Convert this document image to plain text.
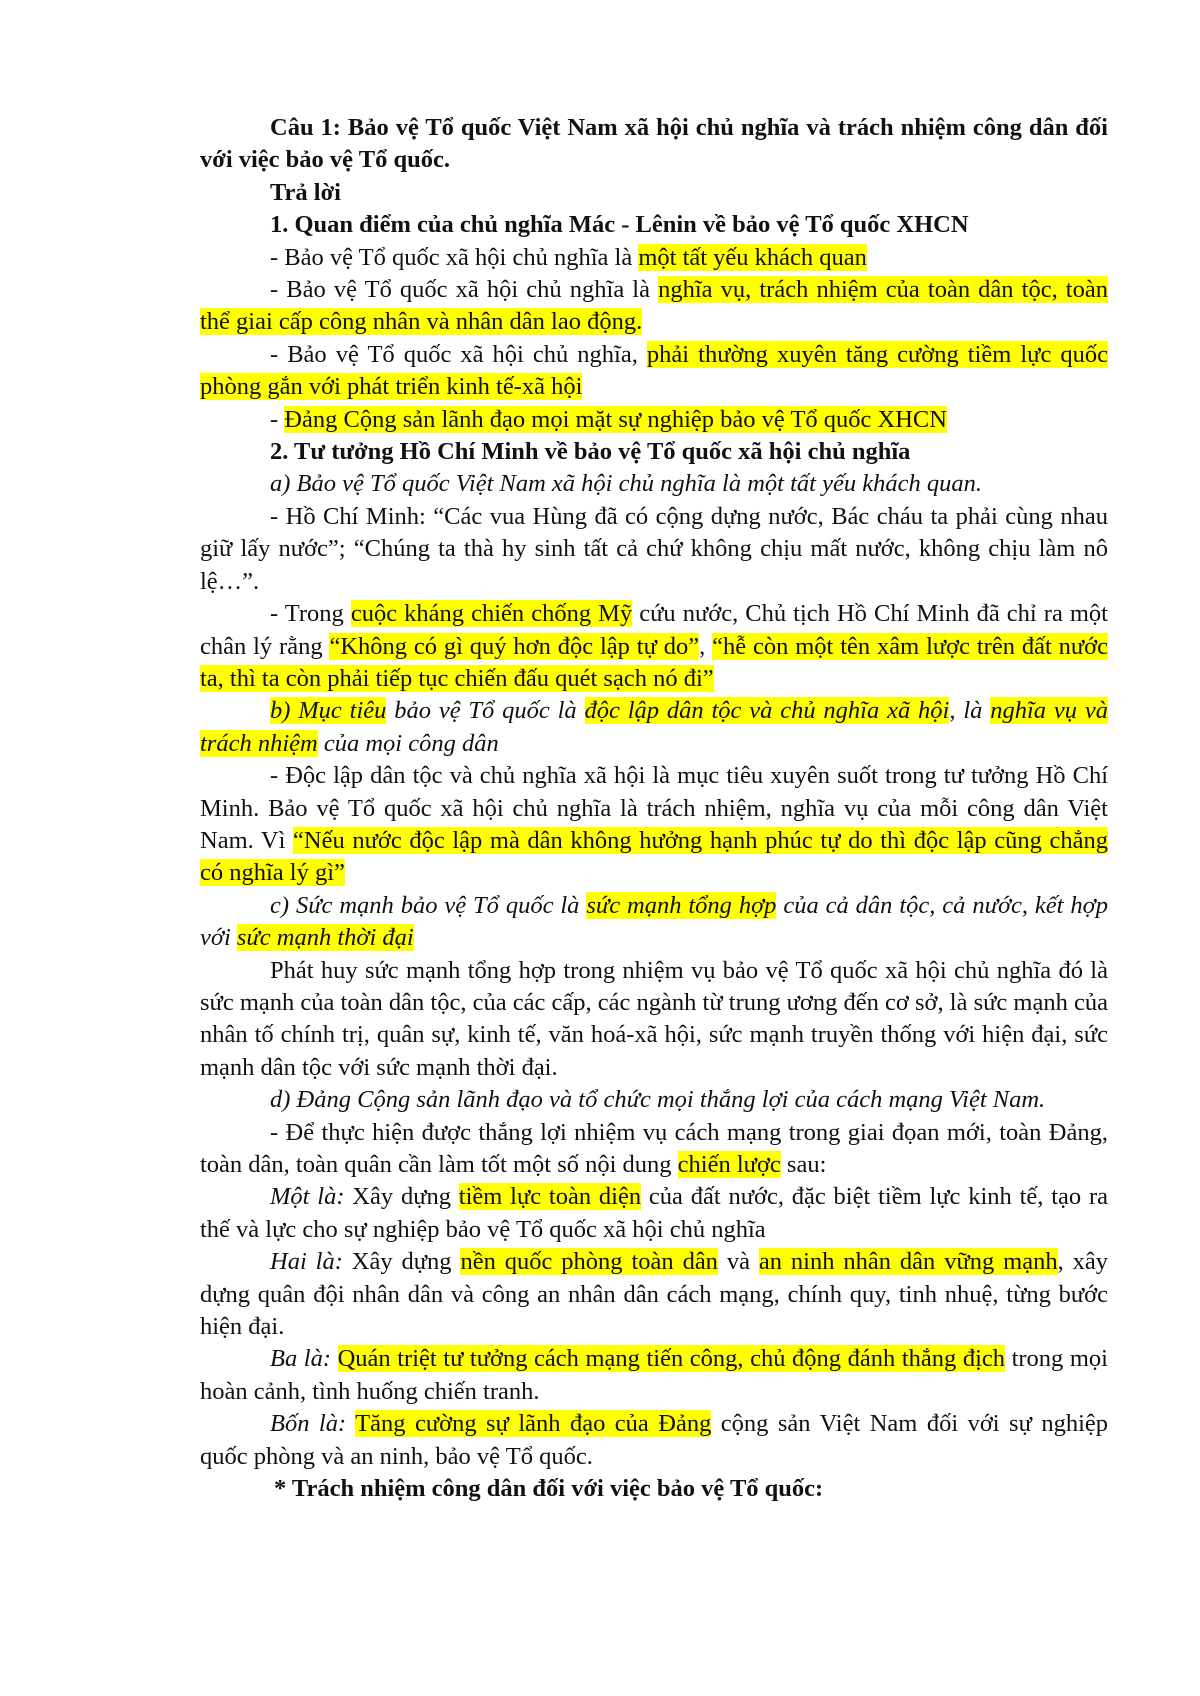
Câu 1: Bảo vệ Tổ quốc Việt Nam xã hội chủ nghĩa và trách nhiệm công dân đối với việc bảo vệ Tổ quốc.

Trả lời

1. Quan điểm của chủ nghĩa Mác - Lênin về bảo vệ Tổ quốc XHCN

- Bảo vệ Tổ quốc xã hội chủ nghĩa là một tất yếu khách quan

- Bảo vệ Tổ quốc xã hội chủ nghĩa là nghĩa vụ, trách nhiệm của toàn dân tộc, toàn thể giai cấp công nhân và nhân dân lao động.

- Bảo vệ Tổ quốc xã hội chủ nghĩa, phải thường xuyên tăng cường tiềm lực quốc phòng gắn với phát triển kinh tế-xã hội

- Đảng Cộng sản lãnh đạo mọi mặt sự nghiệp bảo vệ Tổ quốc XHCN

2. Tư tưởng Hồ Chí Minh về bảo vệ Tổ quốc xã hội chủ nghĩa

a) Bảo vệ Tổ quốc Việt Nam xã hội chủ nghĩa là một tất yếu khách quan.

- Hồ Chí Minh: “Các vua Hùng đã có cộng dựng nước, Bác cháu ta phải cùng nhau giữ lấy nước”; “Chúng ta thà hy sinh tất cả chứ không chịu mất nước, không chịu làm nô lệ…”.

- Trong cuộc kháng chiến chống Mỹ cứu nước, Chủ tịch Hồ Chí Minh đã chỉ ra một chân lý rằng “Không có gì quý hơn độc lập tự do”, “hễ còn một tên xâm lược trên đất nước ta, thì ta còn phải tiếp tục chiến đấu quét sạch nó đi”

b) Mục tiêu bảo vệ Tổ quốc là độc lập dân tộc và chủ nghĩa xã hội, là nghĩa vụ và trách nhiệm của mọi công dân

- Độc lập dân tộc và chủ nghĩa xã hội là mục tiêu xuyên suốt trong tư tưởng Hồ Chí Minh. Bảo vệ Tổ quốc xã hội chủ nghĩa là trách nhiệm, nghĩa vụ của mỗi công dân Việt Nam. Vì “Nếu nước độc lập mà dân không hưởng hạnh phúc tự do thì độc lập cũng chẳng có nghĩa lý gì”

c) Sức mạnh bảo vệ Tổ quốc là sức mạnh tổng hợp của cả dân tộc, cả nước, kết hợp với sức mạnh thời đại

Phát huy sức mạnh tổng hợp trong nhiệm vụ bảo vệ Tổ quốc xã hội chủ nghĩa đó là sức mạnh của toàn dân tộc, của các cấp, các ngành từ trung ương đến cơ sở, là sức mạnh của nhân tố chính trị, quân sự, kinh tế, văn hoá-xã hội, sức mạnh truyền thống với hiện đại, sức mạnh dân tộc với sức mạnh thời đại.

d) Đảng Cộng sản lãnh đạo và tổ chức mọi thắng lợi của cách mạng Việt Nam.

- Để thực hiện được thắng lợi nhiệm vụ cách mạng trong giai đọan mới, toàn Đảng, toàn dân, toàn quân cần làm tốt một số nội dung chiến lược sau:

Một là: Xây dựng tiềm lực toàn diện của đất nước, đặc biệt tiềm lực kinh tế, tạo ra thế và lực cho sự nghiệp bảo vệ Tổ quốc xã hội chủ nghĩa

Hai là: Xây dựng nền quốc phòng toàn dân và an ninh nhân dân vững mạnh, xây dựng quân đội nhân dân và công an nhân dân cách mạng, chính quy, tinh nhuệ, từng bước hiện đại.

Ba là: Quán triệt tư tưởng cách mạng tiến công, chủ động đánh thắng địch trong mọi hoàn cảnh, tình huống chiến tranh.

Bốn là: Tăng cường sự lãnh đạo của Đảng cộng sản Việt Nam đối với sự nghiệp quốc phòng và an ninh, bảo vệ Tổ quốc.

* Trách nhiệm công dân đối với việc bảo vệ Tổ quốc:
